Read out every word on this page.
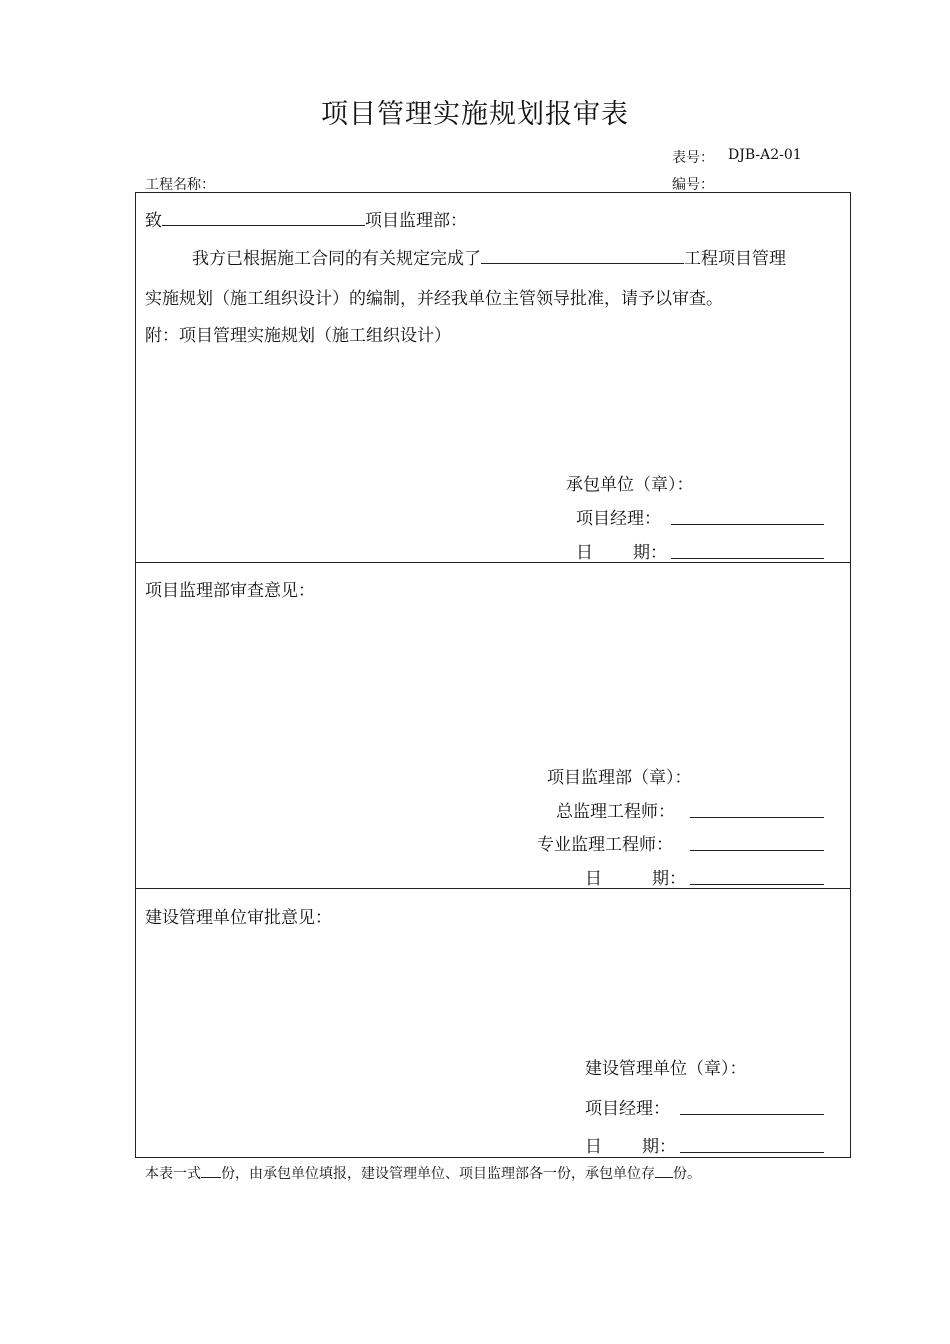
项目管理实施规划报审表
表号： DJB-A2-01
工程名称：	编号：
致	项目监理部：
我方已根据施工合同的有关规定完成了	工程项目管理
实施规划（施工组织设计）的编制，并经我单位主管领导批准，请予以审查。
附：项目管理实施规划（施工组织设计）
承包单位（章）：
项目经理：
日 期：
项目监理部审查意见：
项目监理部（章）：
总监理工程师：
专业监理工程师：
日	期：
建设管理单位审批意见：
建设管理单位（章）：
项目经理：
日 期：
本表一式 份，由承包单位填报，建设管理单位、项目监理部各一份，承包单位存 份。
